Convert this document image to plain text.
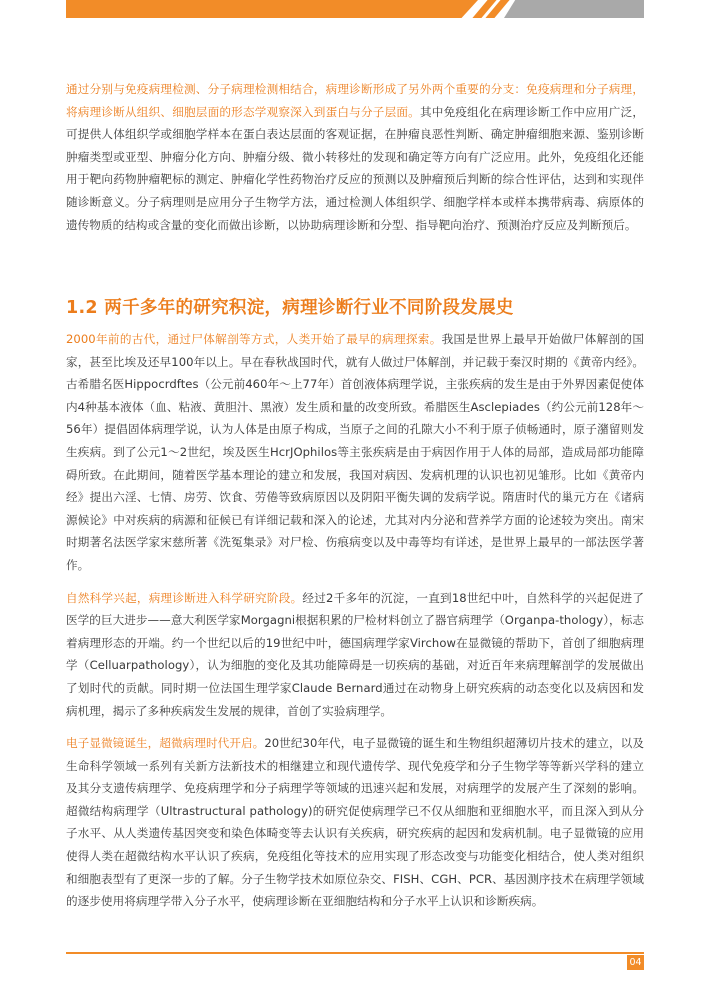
通过分别与免疫病理检测、分子病理检测相结合，病理诊断形成了另外两个重要的分支：免疫病理和分子病理，将病理诊断从组织、细胞层面的形态学观察深入到蛋白与分子层面。其中免疫组化在病理诊断工作中应用广泛，可提供人体组织学或细胞学样本在蛋白表达层面的客观证据，在肿瘤良恶性判断、确定肿瘤细胞来源、鉴别诊断肿瘤类型或亚型、肿瘤分化方向、肿瘤分级、微小转移灶的发现和确定等方向有广泛应用。此外，免疫组化还能用于靶向药物肿瘤靶标的测定、肿瘤化学性药物治疗反应的预测以及肿瘤预后判断的综合性评估，达到和实现伴随诊断意义。分子病理则是应用分子生物学方法，通过检测人体组织学、细胞学样本或样本携带病毒、病原体的遗传物质的结构或含量的变化而做出诊断，以协助病理诊断和分型、指导靶向治疗、预测治疗反应及判断预后。

1.2 两千多年的研究积淀，病理诊断行业不同阶段发展史

2000年前的古代，通过尸体解剖等方式，人类开始了最早的病理探索。我国是世界上最早开始做尸体解剖的国家，甚至比埃及还早100年以上。早在春秋战国时代，就有人做过尸体解剖，并记载于秦汉时期的《黄帝内经》。古希腊名医Hippocrdftes（公元前460年～上77年）首创液体病理学说，主张疾病的发生是由于外界因素促使体内4种基本液体（血、粘液、黄胆汁、黑液）发生质和量的改变所致。希腊医生Asclepiades（约公元前128年～56年）提倡固体病理学说，认为人体是由原子构成，当原子之间的孔隙大小不利于原子侦畅通时，原子潴留则发生疾病。到了公元1～2世纪，埃及医生HcrJOphilos等主张疾病是由于病因作用于人体的局部，造成局部功能障碍所致。在此期间，随着医学基本理论的建立和发展，我国对病因、发病机理的认识也初见雏形。比如《黄帝内经》提出六淫、七情、房劳、饮食、劳倦等致病原因以及阴阳平衡失调的发病学说。隋唐时代的巢元方在《诸病源候论》中对疾病的病源和征候已有详细记载和深入的论述，尤其对内分泌和营养学方面的论述较为突出。南宋时期著名法医学家宋慈所著《洗冤集录》对尸检、伤痕病变以及中毒等均有详述，是世界上最早的一部法医学著作。

自然科学兴起，病理诊断进入科学研究阶段。经过2千多年的沉淀，一直到18世纪中叶，自然科学的兴起促进了医学的巨大进步——意大利医学家Morgagni根据积累的尸检材料创立了器官病理学（Organpa-thology），标志着病理形态的开端。约一个世纪以后的19世纪中叶，德国病理学家Virchow在显微镜的帮助下，首创了细胞病理学（Celluarpathology），认为细胞的变化及其功能障碍是一切疾病的基础，对近百年来病理解剖学的发展做出了划时代的贡献。同时期一位法国生理学家Claude Bernard通过在动物身上研究疾病的动态变化以及病因和发病机理，揭示了多种疾病发生发展的规律，首创了实验病理学。

电子显微镜诞生，超微病理时代开启。20世纪30年代，电子显微镜的诞生和生物组织超薄切片技术的建立，以及生命科学领域一系列有关新方法新技术的相继建立和现代遗传学、现代免疫学和分子生物学等等新兴学科的建立及其分支遗传病理学、免疫病理学和分子病理学等领域的迅速兴起和发展，对病理学的发展产生了深刻的影响。超微结构病理学（Ultrastructural pathology)的研究促使病理学已不仅从细胞和亚细胞水平，而且深入到从分子水平、从人类遗传基因突变和染色体畸变等去认识有关疾病，研究疾病的起因和发病机制。电子显微镜的应用使得人类在超微结构水平认识了疾病，免疫组化等技术的应用实现了形态改变与功能变化相结合，使人类对组织和细胞表型有了更深一步的了解。分子生物学技术如原位杂交、FISH、CGH、PCR、基因测序技术在病理学领域的逐步使用将病理学带入分子水平，使病理诊断在亚细胞结构和分子水平上认识和诊断疾病。

04
